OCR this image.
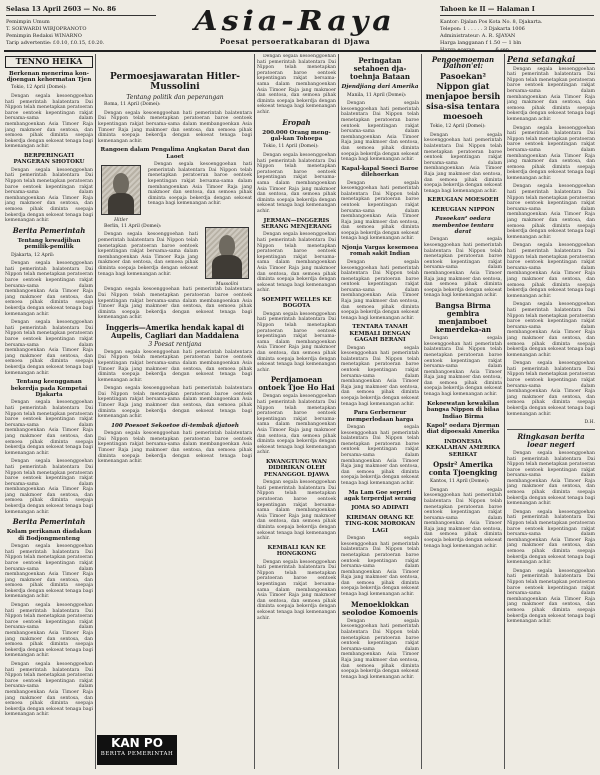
Selasa 13 April 2603 — No. 86
Pemimpin Umum
T. SOEWARDI WIRJOPRANOTO
Pemimpin Redaksi WINARNO
Tarip advertentie: f.0.10, f.0.15, f.0.20.
Asia-Raya
Poesat persoeratkabaran di Djawa
Tahoen ke II — Halaman I
Kantor: Djalan Pos Kota No. 8, Djakarta.
Telepon: 1 . . . . . 3 Djakarta 1006
Administrateur: A. R. SJAYAN
Harga langganan f 1.50 — 1 bln
TENNO HEIKA
Berkenan menerima kon-djoengan kehormatan Tjen
Tokio, 12 April (Domei):
Dengan segala kesoenggoehan hati pemerintah balatentara Dai Nippon telah menetapkan peratoeran baroe oentoek kepentingan rakjat bersama-sama dalam membangoenkan Asia Timoer Raja jang makmoer dan sentosa, dan semoea pihak diminta soepaja bekerdja dengan sekoeat tenaga bagi kemenangan achir.
BERPERINGATI PANGERAN SHOTOKU
Dengan segala kesoenggoehan hati pemerintah balatentara Dai Nippon telah menetapkan peratoeran baroe oentoek kepentingan rakjat bersama-sama dalam membangoenkan Asia Timoer Raja jang makmoer dan sentosa, dan semoea pihak diminta soepaja bekerdja dengan sekoeat tenaga bagi kemenangan achir.
Berita Pemerintah
Tentang kewadjiban pemilik-pemilik
Djakarta, 12 April:
Dengan segala kesoenggoehan hati pemerintah balatentara Dai Nippon telah menetapkan peratoeran baroe oentoek kepentingan rakjat bersama-sama dalam membangoenkan Asia Timoer Raja jang makmoer dan sentosa, dan semoea pihak diminta soepaja bekerdja dengan sekoeat tenaga bagi kemenangan achir.
Dengan segala kesoenggoehan hati pemerintah balatentara Dai Nippon telah menetapkan peratoeran baroe oentoek kepentingan rakjat bersama-sama dalam membangoenkan Asia Timoer Raja jang makmoer dan sentosa, dan semoea pihak diminta soepaja bekerdja dengan sekoeat tenaga bagi kemenangan achir.
Tentang keengganan bekerdja pada Kempetai Djakarta
Dengan segala kesoenggoehan hati pemerintah balatentara Dai Nippon telah menetapkan peratoeran baroe oentoek kepentingan rakjat bersama-sama dalam membangoenkan Asia Timoer Raja jang makmoer dan sentosa, dan semoea pihak diminta soepaja bekerdja dengan sekoeat tenaga bagi kemenangan achir.
Dengan segala kesoenggoehan hati pemerintah balatentara Dai Nippon telah menetapkan peratoeran baroe oentoek kepentingan rakjat bersama-sama dalam membangoenkan Asia Timoer Raja jang makmoer dan sentosa, dan semoea pihak diminta soepaja bekerdja dengan sekoeat tenaga bagi kemenangan achir.
Berita Pemerintah
Kolam perikanan diadakan di Bodjongmenteng
Dengan segala kesoenggoehan hati pemerintah balatentara Dai Nippon telah menetapkan peratoeran baroe oentoek kepentingan rakjat bersama-sama dalam membangoenkan Asia Timoer Raja jang makmoer dan sentosa, dan semoea pihak diminta soepaja bekerdja dengan sekoeat tenaga bagi kemenangan achir.
Dengan segala kesoenggoehan hati pemerintah balatentara Dai Nippon telah menetapkan peratoeran baroe oentoek kepentingan rakjat bersama-sama dalam membangoenkan Asia Timoer Raja jang makmoer dan sentosa, dan semoea pihak diminta soepaja bekerdja dengan sekoeat tenaga bagi kemenangan achir.
Dengan segala kesoenggoehan hati pemerintah balatentara Dai Nippon telah menetapkan peratoeran baroe oentoek kepentingan rakjat bersama-sama dalam membangoenkan Asia Timoer Raja jang makmoer dan sentosa, dan semoea pihak diminta soepaja bekerdja dengan sekoeat tenaga bagi kemenangan achir.
Permoesjawaratan Hitler-Mussolini
Tentang politik dan peperangan
Roma, 11 April (Domei):
Dengan segala kesoenggoehan hati pemerintah balatentara Dai Nippon telah menetapkan peratoeran baroe oentoek kepentingan rakjat bersama-sama dalam membangoenkan Asia Timoer Raja jang makmoer dan sentosa, dan semoea pihak diminta soepaja bekerdja dengan sekoeat tenaga bagi kemenangan achir.
Rangoen dalam Pengalima Angkatan Darat dan Laoet
Hitler
Dengan segala kesoenggoehan hati pemerintah balatentara Dai Nippon telah menetapkan peratoeran baroe oentoek kepentingan rakjat bersama-sama dalam membangoenkan Asia Timoer Raja jang makmoer dan sentosa, dan semoea pihak diminta soepaja bekerdja dengan sekoeat tenaga bagi kemenangan achir.
Berlin, 11 April (Domei):
Dengan segala kesoenggoehan hati pemerintah balatentara Dai Nippon telah menetapkan peratoeran baroe oentoek kepentingan rakjat bersama-sama dalam membangoenkan Asia Timoer Raja jang makmoer dan sentosa, dan semoea pihak diminta soepaja bekerdja dengan sekoeat tenaga bagi kemenangan achir.
Mussolini
Dengan segala kesoenggoehan hati pemerintah balatentara Dai Nippon telah menetapkan peratoeran baroe oentoek kepentingan rakjat bersama-sama dalam membangoenkan Asia Timoer Raja jang makmoer dan sentosa, dan semoea pihak diminta soepaja bekerdja dengan sekoeat tenaga bagi kemenangan achir.
Inggeris—Amerika hendak kapal di Aupelis, Cagliari dan Maddalena
3 Poesat rentjana
Dengan segala kesoenggoehan hati pemerintah balatentara Dai Nippon telah menetapkan peratoeran baroe oentoek kepentingan rakjat bersama-sama dalam membangoenkan Asia Timoer Raja jang makmoer dan sentosa, dan semoea pihak diminta soepaja bekerdja dengan sekoeat tenaga bagi kemenangan achir.
Dengan segala kesoenggoehan hati pemerintah balatentara Dai Nippon telah menetapkan peratoeran baroe oentoek kepentingan rakjat bersama-sama dalam membangoenkan Asia Timoer Raja jang makmoer dan sentosa, dan semoea pihak diminta soepaja bekerdja dengan sekoeat tenaga bagi kemenangan achir.
100 Poesoet Sekoetoe di-tembak djatoeh
Dengan segala kesoenggoehan hati pemerintah balatentara Dai Nippon telah menetapkan peratoeran baroe oentoek kepentingan rakjat bersama-sama dalam membangoenkan Asia Timoer Raja jang makmoer dan sentosa, dan semoea pihak diminta soepaja bekerdja dengan sekoeat tenaga bagi kemenangan achir.
KAN PO
BERITA PEMERINTAH
Dengan segala kesoenggoehan hati pemerintah balatentara Dai Nippon telah menetapkan peratoeran baroe oentoek kepentingan rakjat bersama-sama dalam membangoenkan Asia Timoer Raja jang makmoer dan sentosa, dan semoea pihak diminta soepaja bekerdja dengan sekoeat tenaga bagi kemenangan achir.
Eropah
200.000 Orang meng-gal-kan Tohoepa
Tokio, 11 April (Domei):
Dengan segala kesoenggoehan hati pemerintah balatentara Dai Nippon telah menetapkan peratoeran baroe oentoek kepentingan rakjat bersama-sama dalam membangoenkan Asia Timoer Raja jang makmoer dan sentosa, dan semoea pihak diminta soepaja bekerdja dengan sekoeat tenaga bagi kemenangan achir.
JERMAN—INGGERIS SERANG MENJERANG
Dengan segala kesoenggoehan hati pemerintah balatentara Dai Nippon telah menetapkan peratoeran baroe oentoek kepentingan rakjat bersama-sama dalam membangoenkan Asia Timoer Raja jang makmoer dan sentosa, dan semoea pihak diminta soepaja bekerdja dengan sekoeat tenaga bagi kemenangan achir.
SOEMPIT WELLES KE BOGOTA
Dengan segala kesoenggoehan hati pemerintah balatentara Dai Nippon telah menetapkan peratoeran baroe oentoek kepentingan rakjat bersama-sama dalam membangoenkan Asia Timoer Raja jang makmoer dan sentosa, dan semoea pihak diminta soepaja bekerdja dengan sekoeat tenaga bagi kemenangan achir.
Perdjamoean ontoek Tjoe Ho Hai
Dengan segala kesoenggoehan hati pemerintah balatentara Dai Nippon telah menetapkan peratoeran baroe oentoek kepentingan rakjat bersama-sama dalam membangoenkan Asia Timoer Raja jang makmoer dan sentosa, dan semoea pihak diminta soepaja bekerdja dengan sekoeat tenaga bagi kemenangan achir.
KWANGTUNG WAN DIDIRIKAN OLEH PENANGGOL DJAWA
Dengan segala kesoenggoehan hati pemerintah balatentara Dai Nippon telah menetapkan peratoeran baroe oentoek kepentingan rakjat bersama-sama dalam membangoenkan Asia Timoer Raja jang makmoer dan sentosa, dan semoea pihak diminta soepaja bekerdja dengan sekoeat tenaga bagi kemenangan achir.
KEMBALI KAN KE HONGKONG
Dengan segala kesoenggoehan hati pemerintah balatentara Dai Nippon telah menetapkan peratoeran baroe oentoek kepentingan rakjat bersama-sama dalam membangoenkan Asia Timoer Raja jang makmoer dan sentosa, dan semoea pihak diminta soepaja bekerdja dengan sekoeat tenaga bagi kemenangan achir.
Peringatan setahoen dja-toehnja Bataan
Djendjiang dari Amerika
Manila, 11 April (Domei):
Dengan segala kesoenggoehan hati pemerintah balatentara Dai Nippon telah menetapkan peratoeran baroe oentoek kepentingan rakjat bersama-sama dalam membangoenkan Asia Timoer Raja jang makmoer dan sentosa, dan semoea pihak diminta soepaja bekerdja dengan sekoeat tenaga bagi kemenangan achir.
Kapal-kapal Soeci Baroe dilehoerkan
Dengan segala kesoenggoehan hati pemerintah balatentara Dai Nippon telah menetapkan peratoeran baroe oentoek kepentingan rakjat bersama-sama dalam membangoenkan Asia Timoer Raja jang makmoer dan sentosa, dan semoea pihak diminta soepaja bekerdja dengan sekoeat tenaga bagi kemenangan achir.
Njonja Vargas kesemoea romah sakit Indian
Dengan segala kesoenggoehan hati pemerintah balatentara Dai Nippon telah menetapkan peratoeran baroe oentoek kepentingan rakjat bersama-sama dalam membangoenkan Asia Timoer Raja jang makmoer dan sentosa, dan semoea pihak diminta soepaja bekerdja dengan sekoeat tenaga bagi kemenangan achir.
TENTARA TANAH KEMBALI DENGAN GAGAH BERANI
Dengan segala kesoenggoehan hati pemerintah balatentara Dai Nippon telah menetapkan peratoeran baroe oentoek kepentingan rakjat bersama-sama dalam membangoenkan Asia Timoer Raja jang makmoer dan sentosa, dan semoea pihak diminta soepaja bekerdja dengan sekoeat tenaga bagi kemenangan achir.
Para Gerberneur memperlodaan harga
Dengan segala kesoenggoehan hati pemerintah balatentara Dai Nippon telah menetapkan peratoeran baroe oentoek kepentingan rakjat bersama-sama dalam membangoenkan Asia Timoer Raja jang makmoer dan sentosa, dan semoea pihak diminta soepaja bekerdja dengan sekoeat tenaga bagi kemenangan achir.
Ma Lam Goe seperti agak terperdjat serang
JOMA SO ADIPATI
KIRIMAN ORANG KE TING-KOK MOROKAN LAGI
Dengan segala kesoenggoehan hati pemerintah balatentara Dai Nippon telah menetapkan peratoeran baroe oentoek kepentingan rakjat bersama-sama dalam membangoenkan Asia Timoer Raja jang makmoer dan sentosa, dan semoea pihak diminta soepaja bekerdja dengan sekoeat tenaga bagi kemenangan achir.
Menoeklokkan seolodoe Komoenis
Dengan segala kesoenggoehan hati pemerintah balatentara Dai Nippon telah menetapkan peratoeran baroe oentoek kepentingan rakjat bersama-sama dalam membangoenkan Asia Timoer Raja jang makmoer dan sentosa, dan semoea pihak diminta soepaja bekerdja dengan sekoeat tenaga bagi kemenangan achir.
Pengoemoeman Daihon'ei:
Pasoekan² Nippon giat menjapoe bersih sisa-sisa tentara moesoeh
Tokio, 12 April (Domei):
Dengan segala kesoenggoehan hati pemerintah balatentara Dai Nippon telah menetapkan peratoeran baroe oentoek kepentingan rakjat bersama-sama dalam membangoenkan Asia Timoer Raja jang makmoer dan sentosa, dan semoea pihak diminta soepaja bekerdja dengan sekoeat tenaga bagi kemenangan achir.
KERUGIAN MOESOEH
KERUGIAN NIPPON
Pasoekan² oedara membentoe tentara darat
Dengan segala kesoenggoehan hati pemerintah balatentara Dai Nippon telah menetapkan peratoeran baroe oentoek kepentingan rakjat bersama-sama dalam membangoenkan Asia Timoer Raja jang makmoer dan sentosa, dan semoea pihak diminta soepaja bekerdja dengan sekoeat tenaga bagi kemenangan achir.
Bangsa Birma gembira menjamboet kemerdeka-an
Dengan segala kesoenggoehan hati pemerintah balatentara Dai Nippon telah menetapkan peratoeran baroe oentoek kepentingan rakjat bersama-sama dalam membangoenkan Asia Timoer Raja jang makmoer dan sentosa, dan semoea pihak diminta soepaja bekerdja dengan sekoeat tenaga bagi kemenangan achir.
Kekoewatan kewakilan bangsa Nippon di bilaa Indiao Birma
Kapol² oedara Djerman diat dipoesaki Amerika
INDONESIA KEKALAHAN AMERIKA SERIKAT
Opsir² Amerika conta Tjoengking
Kantos, 11 April (Domei):
Dengan segala kesoenggoehan hati pemerintah balatentara Dai Nippon telah menetapkan peratoeran baroe oentoek kepentingan rakjat bersama-sama dalam membangoenkan Asia Timoer Raja jang makmoer dan sentosa, dan semoea pihak diminta soepaja bekerdja dengan sekoeat tenaga bagi kemenangan achir.
Pena setangkai
Dengan segala kesoenggoehan hati pemerintah balatentara Dai Nippon telah menetapkan peratoeran baroe oentoek kepentingan rakjat bersama-sama dalam membangoenkan Asia Timoer Raja jang makmoer dan sentosa, dan semoea pihak diminta soepaja bekerdja dengan sekoeat tenaga bagi kemenangan achir.
Dengan segala kesoenggoehan hati pemerintah balatentara Dai Nippon telah menetapkan peratoeran baroe oentoek kepentingan rakjat bersama-sama dalam membangoenkan Asia Timoer Raja jang makmoer dan sentosa, dan semoea pihak diminta soepaja bekerdja dengan sekoeat tenaga bagi kemenangan achir.
Dengan segala kesoenggoehan hati pemerintah balatentara Dai Nippon telah menetapkan peratoeran baroe oentoek kepentingan rakjat bersama-sama dalam membangoenkan Asia Timoer Raja jang makmoer dan sentosa, dan semoea pihak diminta soepaja bekerdja dengan sekoeat tenaga bagi kemenangan achir.
Dengan segala kesoenggoehan hati pemerintah balatentara Dai Nippon telah menetapkan peratoeran baroe oentoek kepentingan rakjat bersama-sama dalam membangoenkan Asia Timoer Raja jang makmoer dan sentosa, dan semoea pihak diminta soepaja bekerdja dengan sekoeat tenaga bagi kemenangan achir.
Dengan segala kesoenggoehan hati pemerintah balatentara Dai Nippon telah menetapkan peratoeran baroe oentoek kepentingan rakjat bersama-sama dalam membangoenkan Asia Timoer Raja jang makmoer dan sentosa, dan semoea pihak diminta soepaja bekerdja dengan sekoeat tenaga bagi kemenangan achir.
Dengan segala kesoenggoehan hati pemerintah balatentara Dai Nippon telah menetapkan peratoeran baroe oentoek kepentingan rakjat bersama-sama dalam membangoenkan Asia Timoer Raja jang makmoer dan sentosa, dan semoea pihak diminta soepaja bekerdja dengan sekoeat tenaga bagi kemenangan achir.
D.H.
Ringkasan berita loear negeri
Dengan segala kesoenggoehan hati pemerintah balatentara Dai Nippon telah menetapkan peratoeran baroe oentoek kepentingan rakjat bersama-sama dalam membangoenkan Asia Timoer Raja jang makmoer dan sentosa, dan semoea pihak diminta soepaja bekerdja dengan sekoeat tenaga bagi kemenangan achir.
Dengan segala kesoenggoehan hati pemerintah balatentara Dai Nippon telah menetapkan peratoeran baroe oentoek kepentingan rakjat bersama-sama dalam membangoenkan Asia Timoer Raja jang makmoer dan sentosa, dan semoea pihak diminta soepaja bekerdja dengan sekoeat tenaga bagi kemenangan achir.
Dengan segala kesoenggoehan hati pemerintah balatentara Dai Nippon telah menetapkan peratoeran baroe oentoek kepentingan rakjat bersama-sama dalam membangoenkan Asia Timoer Raja jang makmoer dan sentosa, dan semoea pihak diminta soepaja bekerdja dengan sekoeat tenaga bagi kemenangan achir.
